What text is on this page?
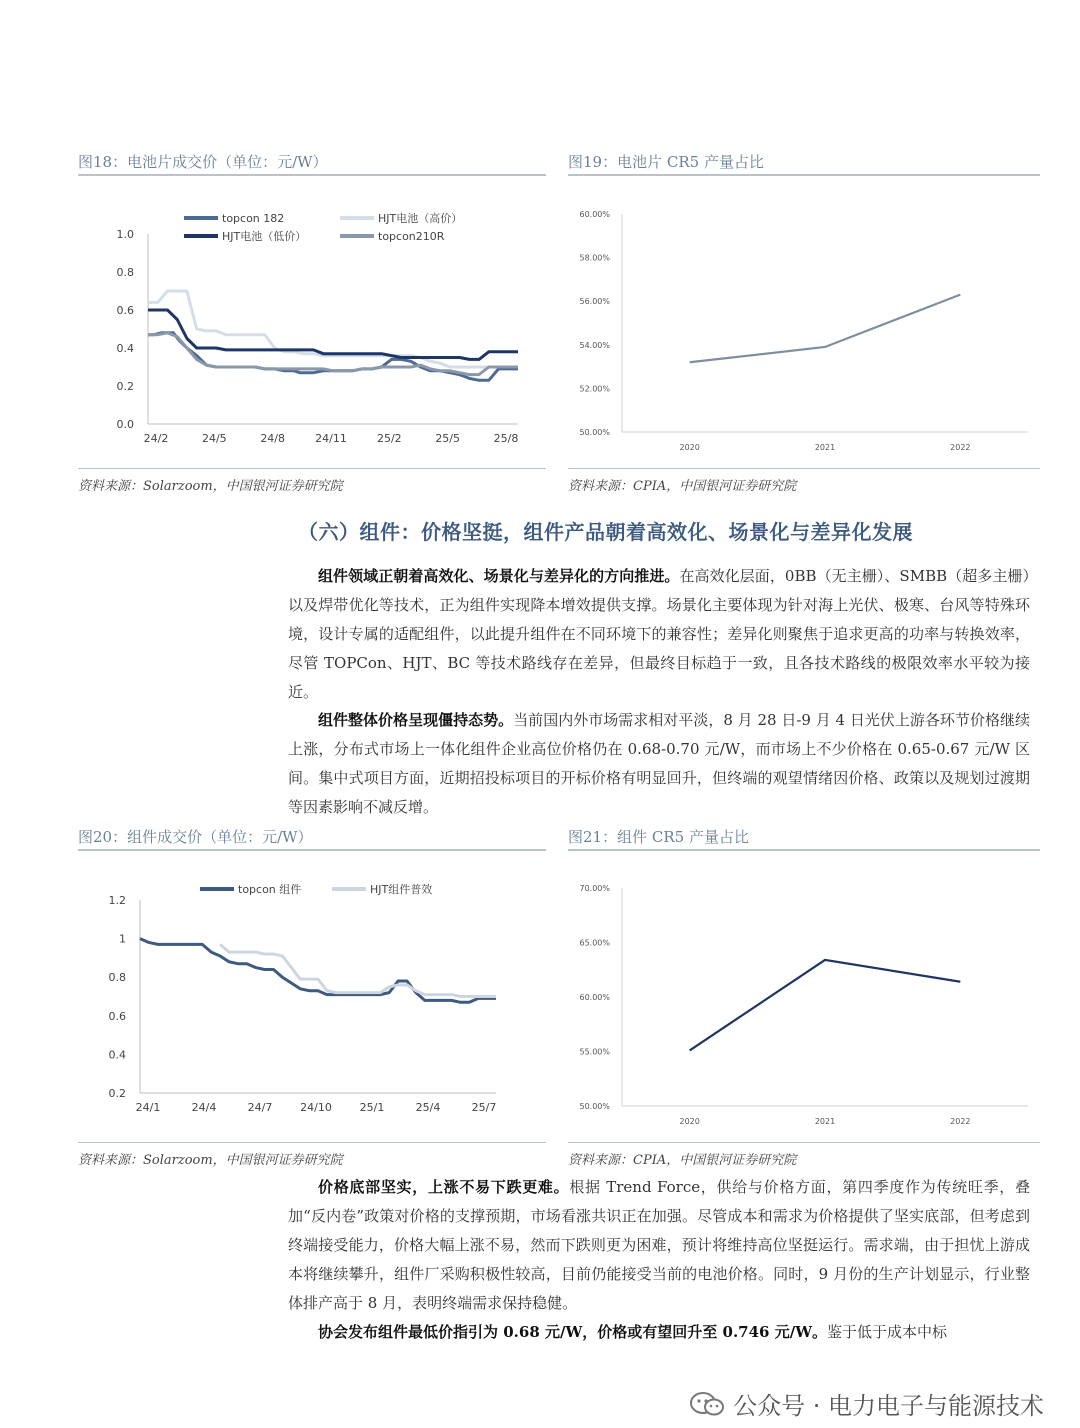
图18：电池片成交价（单位：元/W）
0.0
0.2
0.4
0.6
0.8
1.0
24/2	24/5	24/8	24/11	25/2	25/5	25/8
topcon 182	HJT电池（高价）
HJT电池（低价）	topcon210R
资料来源：Solarzoom，中国银河证券研究院
图19：电池片 CR5 产量占比
50.00%
52.00%
54.00%
56.00%
58.00%
60.00%
2020	2021	2022
资料来源：CPIA，中国银河证券研究院
（六）组件：价格坚挺，组件产品朝着高效化、场景化与差异化发展

组件领域正朝着高效化、场景化与差异化的方向推进。在高效化层面，0BB（无主栅）、SMBB（超多主栅）以及焊带优化等技术，正为组件实现降本增效提供支撑。场景化主要体现为针对海上光伏、极寒、台风等特殊环境，设计专属的适配组件，以此提升组件在不同环境下的兼容性；差异化则聚焦于追求更高的功率与转换效率，尽管 TOPCon、HJT、BC 等技术路线存在差异，但最终目标趋于一致，且各技术路线的极限效率水平较为接近。

组件整体价格呈现僵持态势。当前国内外市场需求相对平淡，8 月 28 日-9 月 4 日光伏上游各环节价格继续上涨，分布式市场上一体化组件企业高位价格仍在 0.68-0.70 元/W，而市场上不少价格在 0.65-0.67 元/W 区间。集中式项目方面，近期招投标项目的开标价格有明显回升，但终端的观望情绪因价格、政策以及规划过渡期等因素影响不减反增。

图20：组件成交价（单位：元/W）
0.2
0.4
0.6
0.8
1
1.2
24/1	24/4	24/7	24/10	25/1	25/4	25/7
topcon 组件	HJT组件普效
资料来源：Solarzoom，中国银河证券研究院
图21：组件 CR5 产量占比
50.00%
55.00%
60.00%
65.00%
70.00%
2020	2021	2022
资料来源：CPIA，中国银河证券研究院

价格底部坚实，上涨不易下跌更难。根据 Trend Force，供给与价格方面，第四季度作为传统旺季，叠加“反内卷”政策对价格的支撑预期，市场看涨共识正在加强。尽管成本和需求为价格提供了坚实底部，但考虑到终端接受能力，价格大幅上涨不易，然而下跌则更为困难，预计将维持高位坚挺运行。需求端，由于担忧上游成本将继续攀升，组件厂采购积极性较高，目前仍能接受当前的电池价格。同时，9 月份的生产计划显示，行业整体排产高于 8 月，表明终端需求保持稳健。

协会发布组件最低价指引为 0.68 元/W，价格或有望回升至 0.746 元/W。鉴于低于成本中标

公众号 · 电力电子与能源技术
